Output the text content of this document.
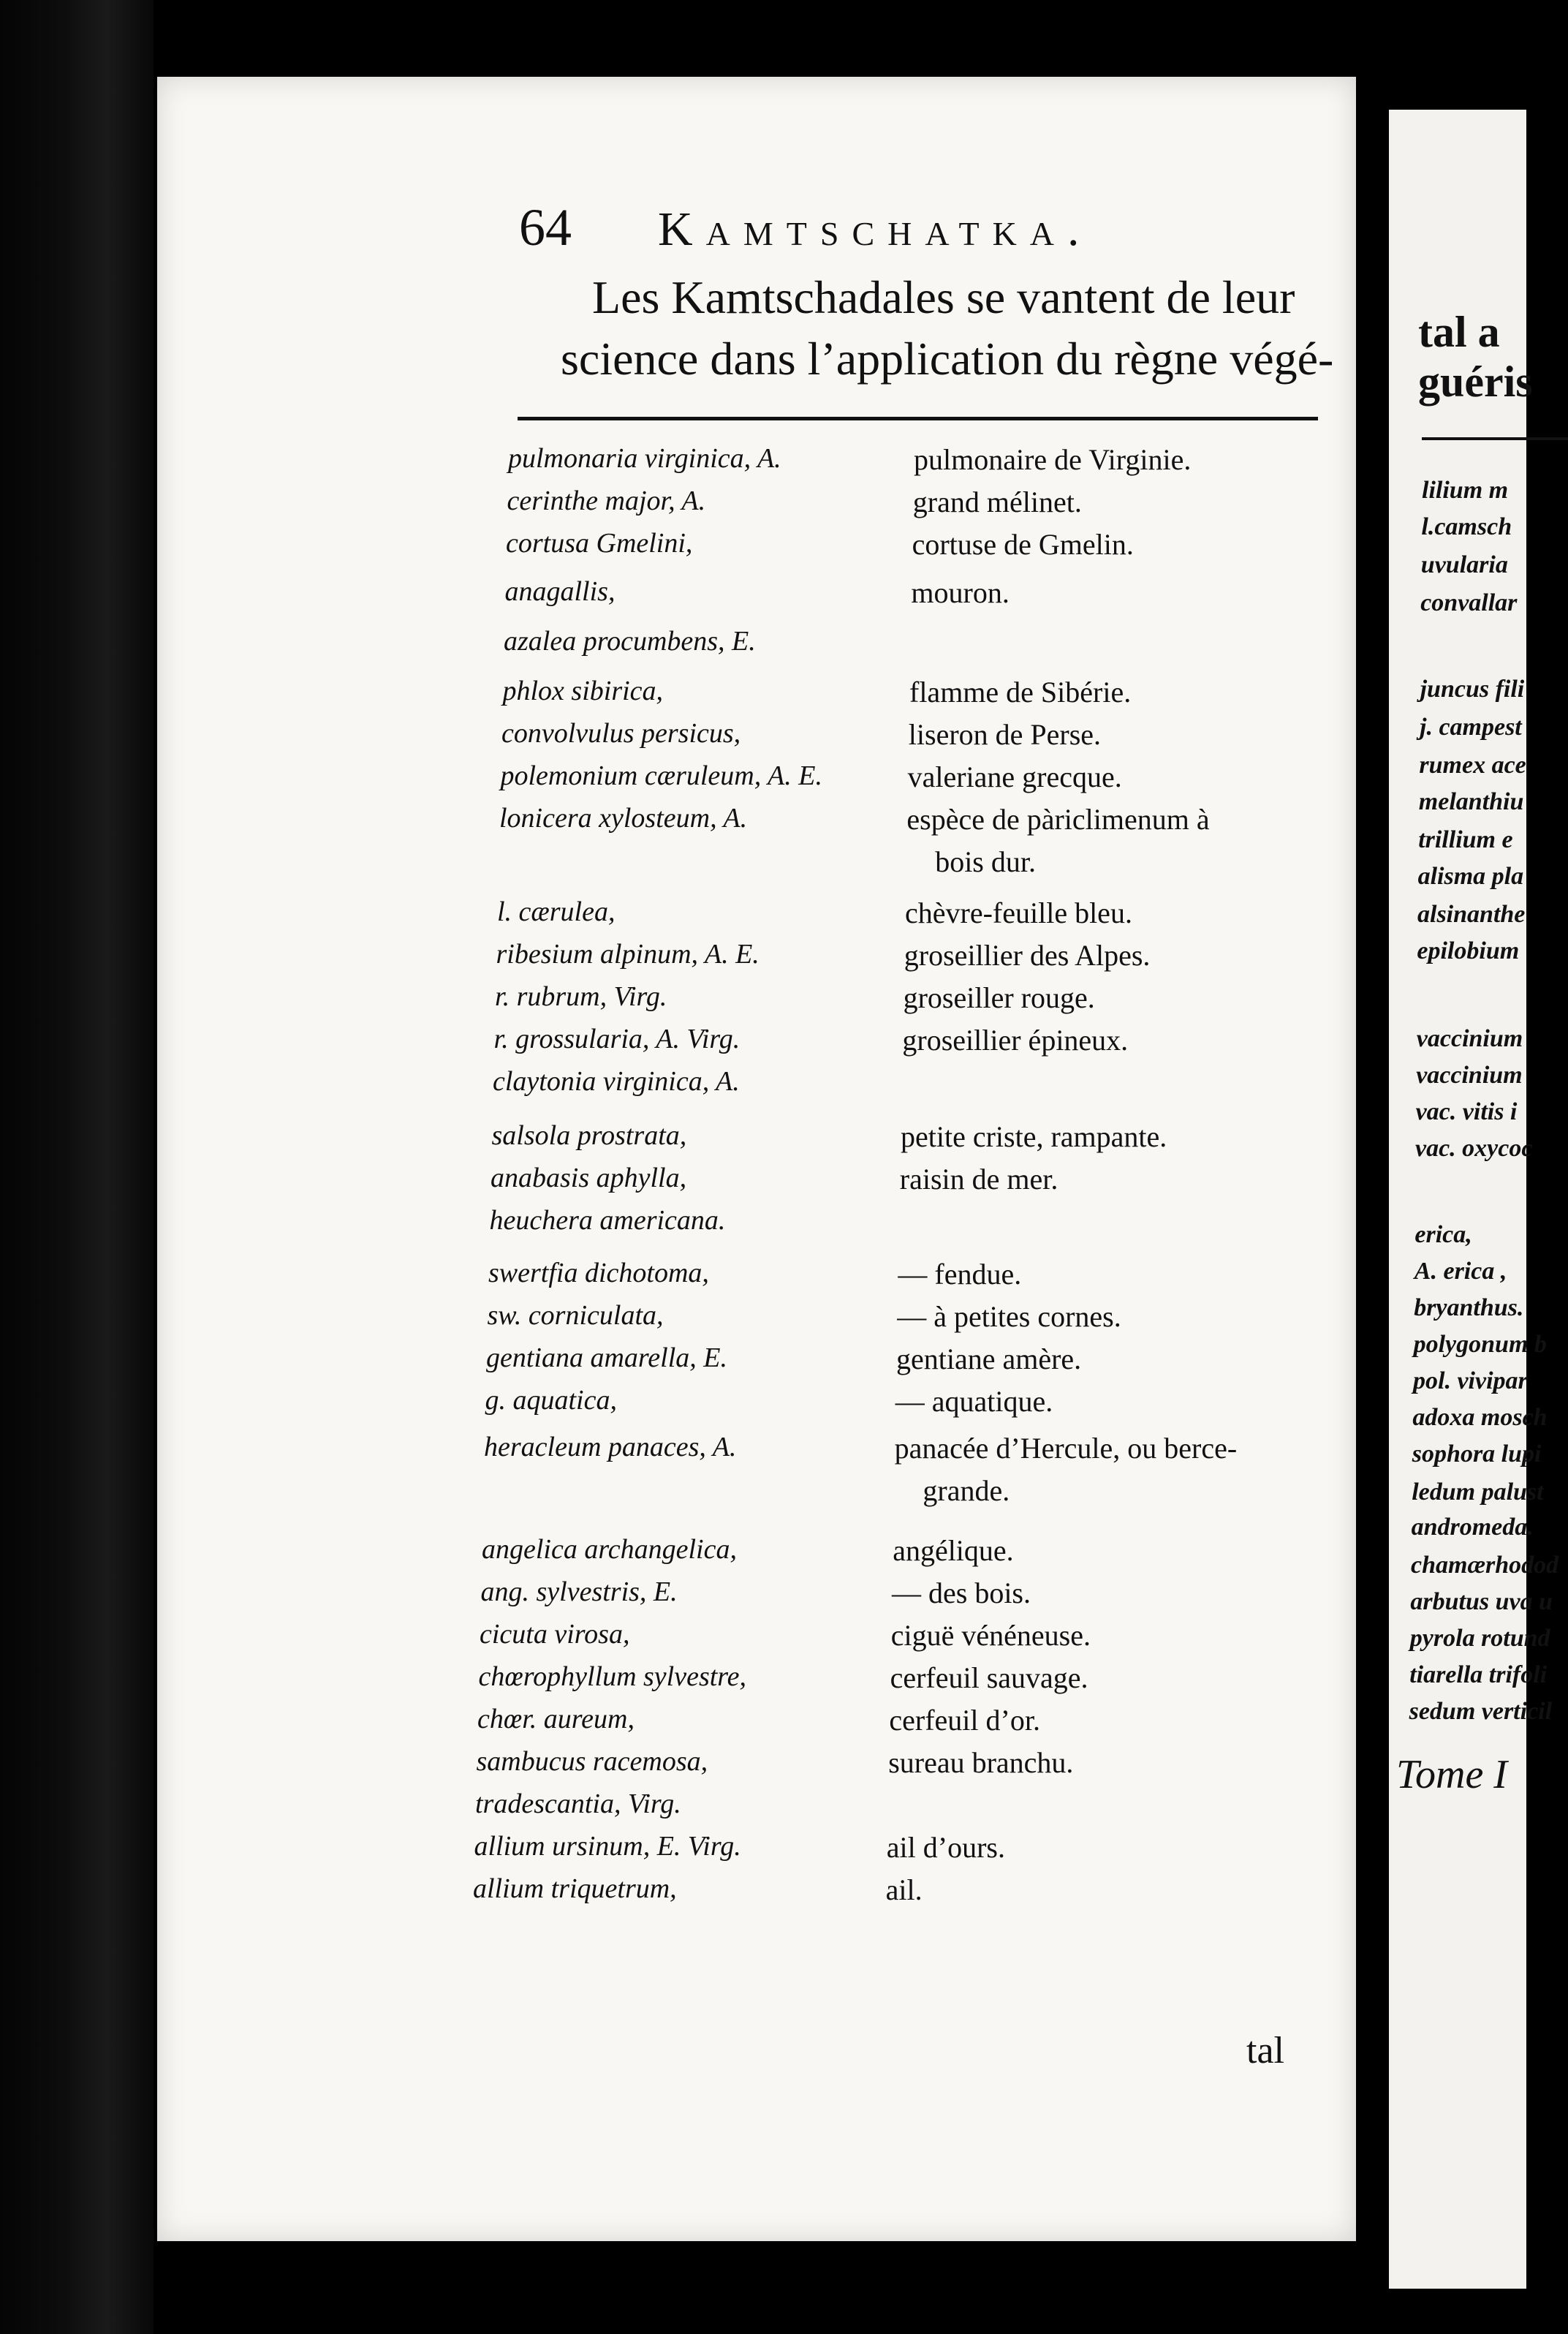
64	Kamtschatka.
Les Kamtschadales se vantent de leur
science dans l’application du règne végé-
pulmonaria virginica, A.	pulmonaire de Virginie.
cerinthe major, A.	grand mélinet.
cortusa Gmelini,	cortuse de Gmelin.
anagallis,	mouron.
azalea procumbens, E.
phlox sibirica,	flamme de Sibérie.
convolvulus persicus,	liseron de Perse.
polemonium cæruleum, A. E.	valeriane grecque.
lonicera xylosteum, A.	espèce de pàriclimenum à
bois dur.
l. cærulea,	chèvre-feuille bleu.
ribesium alpinum, A. E.	groseillier des Alpes.
r. rubrum, Virg.	groseiller rouge.
r. grossularia, A. Virg.	groseillier épineux.
claytonia virginica, A.
salsola prostrata,	petite criste, rampante.
anabasis aphylla,	raisin de mer.
heuchera americana.
swertfia dichotoma,	— fendue.
sw. corniculata,	— à petites cornes.
gentiana amarella, E.	gentiane amère.
g. aquatica,	— aquatique.
heracleum panaces, A.	panacée d’Hercule, ou berce-
grande.
angelica archangelica,	angélique.
ang. sylvestris, E.	— des bois.
cicuta virosa,	ciguë vénéneuse.
chœrophyllum sylvestre,	cerfeuil sauvage.
chœr. aureum,	cerfeuil d’or.
sambucus racemosa,	sureau branchu.
tradescantia, Virg.
allium ursinum, E. Virg.	ail d’ours.
allium triquetrum,	ail.
tal
tal a
guéris
lilium m
l.camsch
uvularia
convallar
juncus fili
j. campest
rumex ace
melanthiu
trillium e
alisma pla
alsinanthe
epilobium
vaccinium
vaccinium
vac. vitis i
vac. oxycoc
erica,
A. erica ,
bryanthus.
polygonum b
pol. vivipar
adoxa mosch
sophora lupi
ledum palust
andromeda.
chamærhodod
arbutus uva u
pyrola rotund
tiarella trifoli
sedum verticil
Tome I
